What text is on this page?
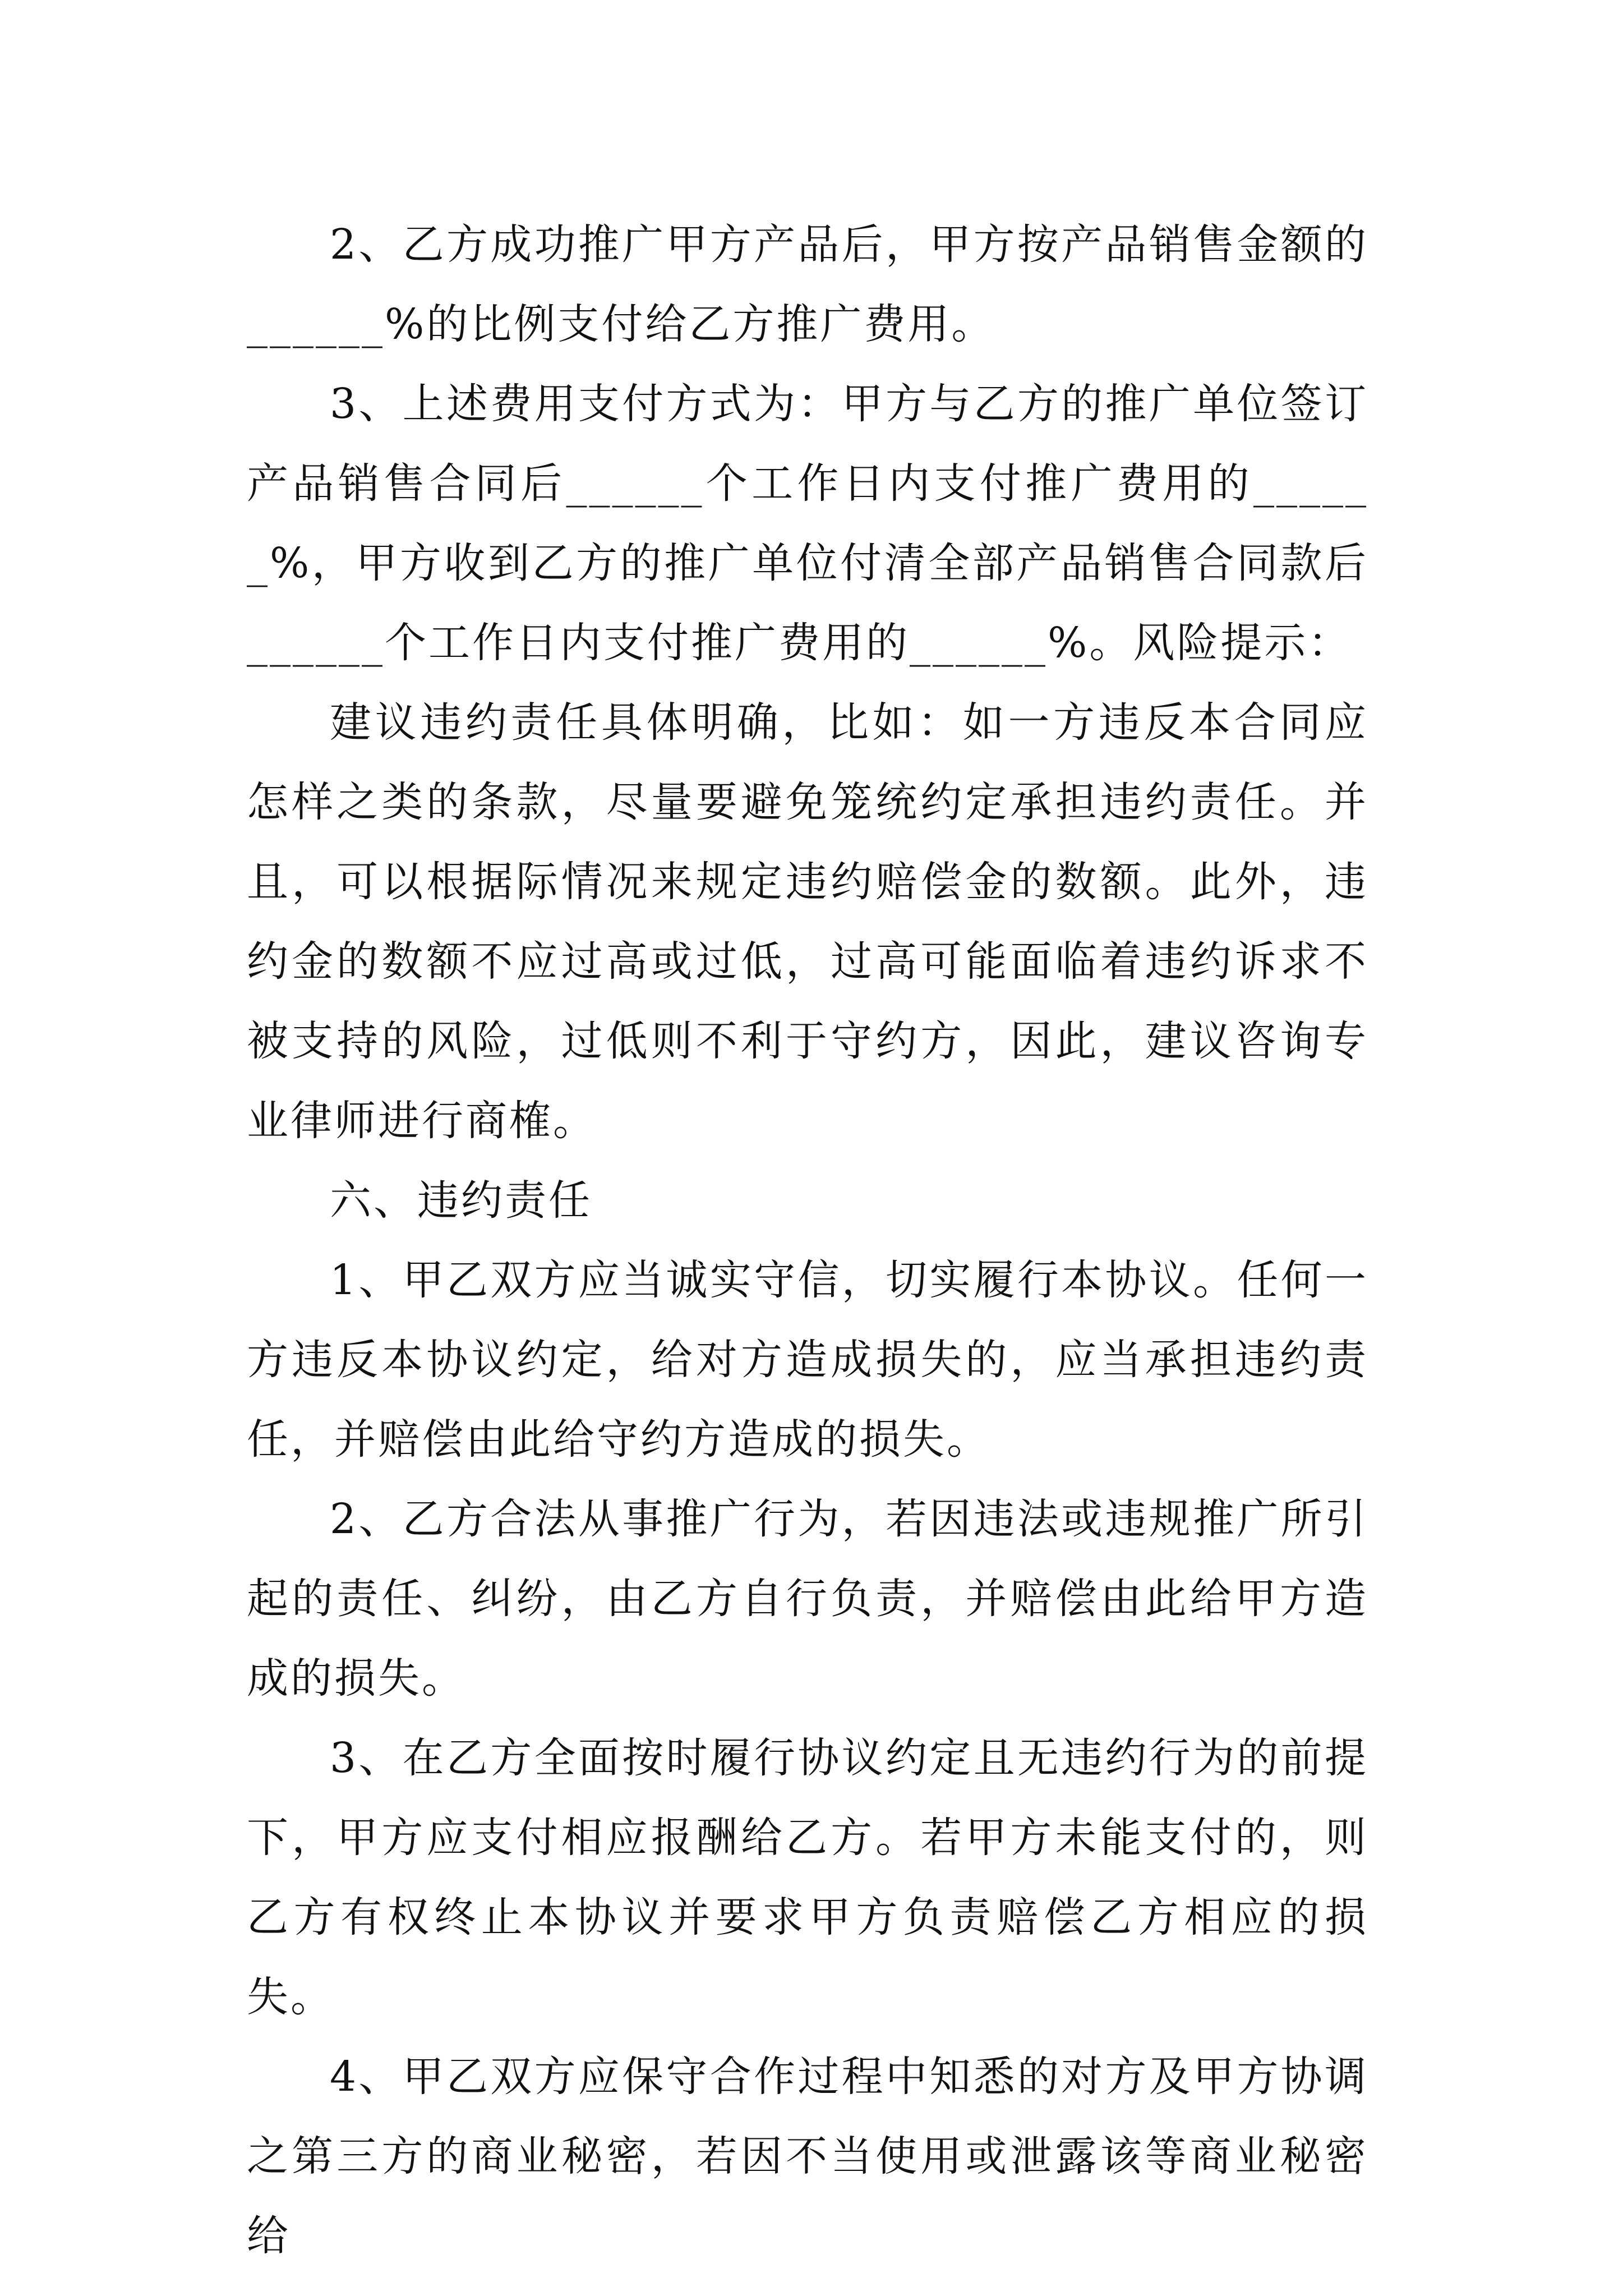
2、乙方成功推广甲方产品后，甲方按产品销售金额的______%的比例支付给乙方推广费用。

3、上述费用支付方式为：甲方与乙方的推广单位签订产品销售合同后______个工作日内支付推广费用的______%，甲方收到乙方的推广单位付清全部产品销售合同款后______个工作日内支付推广费用的______%。风险提示：

建议违约责任具体明确，比如：如一方违反本合同应怎样之类的条款，尽量要避免笼统约定承担违约责任。并且，可以根据际情况来规定违约赔偿金的数额。此外，违约金的数额不应过高或过低，过高可能面临着违约诉求不被支持的风险，过低则不利于守约方，因此，建议咨询专业律师进行商榷。

六、违约责任

1、甲乙双方应当诚实守信，切实履行本协议。任何一方违反本协议约定，给对方造成损失的，应当承担违约责任，并赔偿由此给守约方造成的损失。

2、乙方合法从事推广行为，若因违法或违规推广所引起的责任、纠纷，由乙方自行负责，并赔偿由此给甲方造成的损失。

3、在乙方全面按时履行协议约定且无违约行为的前提下，甲方应支付相应报酬给乙方。若甲方未能支付的，则乙方有权终止本协议并要求甲方负责赔偿乙方相应的损失。

4、甲乙双方应保守合作过程中知悉的对方及甲方协调之第三方的商业秘密，若因不当使用或泄露该等商业秘密给
